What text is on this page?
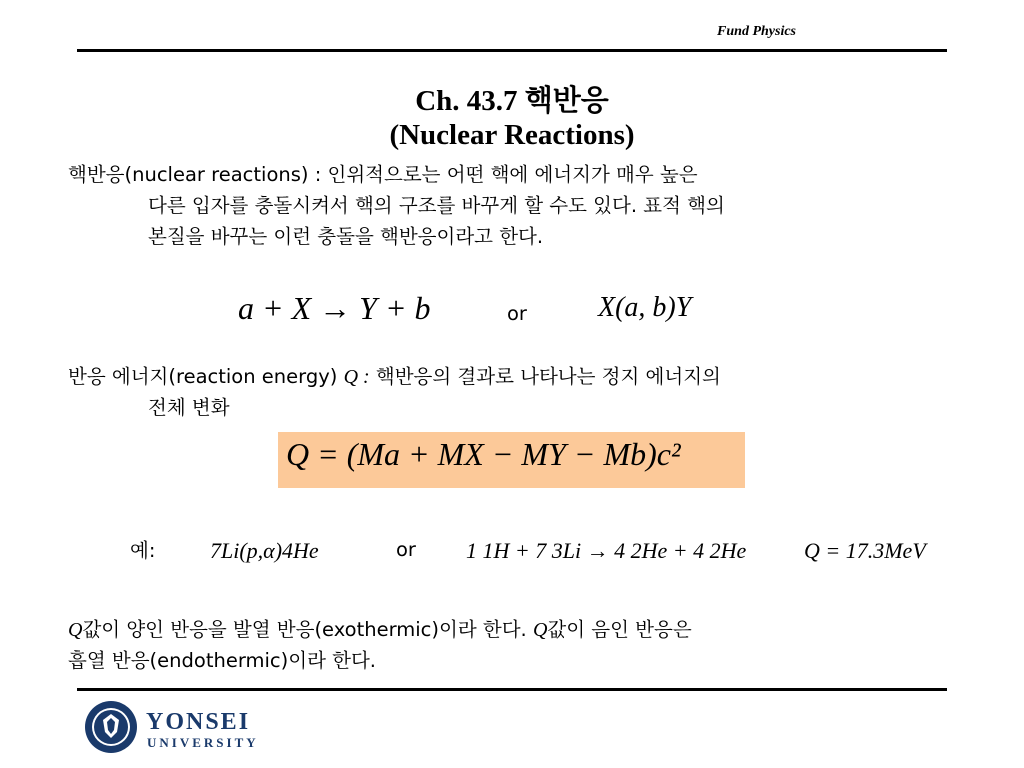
Fund Physics
Ch. 43.7 핵반응
(Nuclear Reactions)
핵반응(nuclear reactions) : 인위적으로는 어떤 핵에 에너지가 매우 높은
다른 입자를 충돌시켜서 핵의 구조를 바꾸게 할 수도 있다. 표적 핵의
본질을 바꾸는 이런 충돌을 핵반응이라고 한다.
a + X → Y + b	or	X(a, b)Y
반응 에너지(reaction energy) Q : 핵반응의 결과로 나타나는 정지 에너지의
전체 변화
Q = (Ma + MX − MY − Mb)c²
예: 7Li(p,α)4He	or 1 1H + 7 3Li → 4 2He + 4 2He	Q = 17.3MeV
Q값이 양인 반응을 발열 반응(exothermic)이라 한다. Q값이 음인 반응은
흡열 반응(endothermic)이라 한다.
YONSEI
UNIVERSITY
